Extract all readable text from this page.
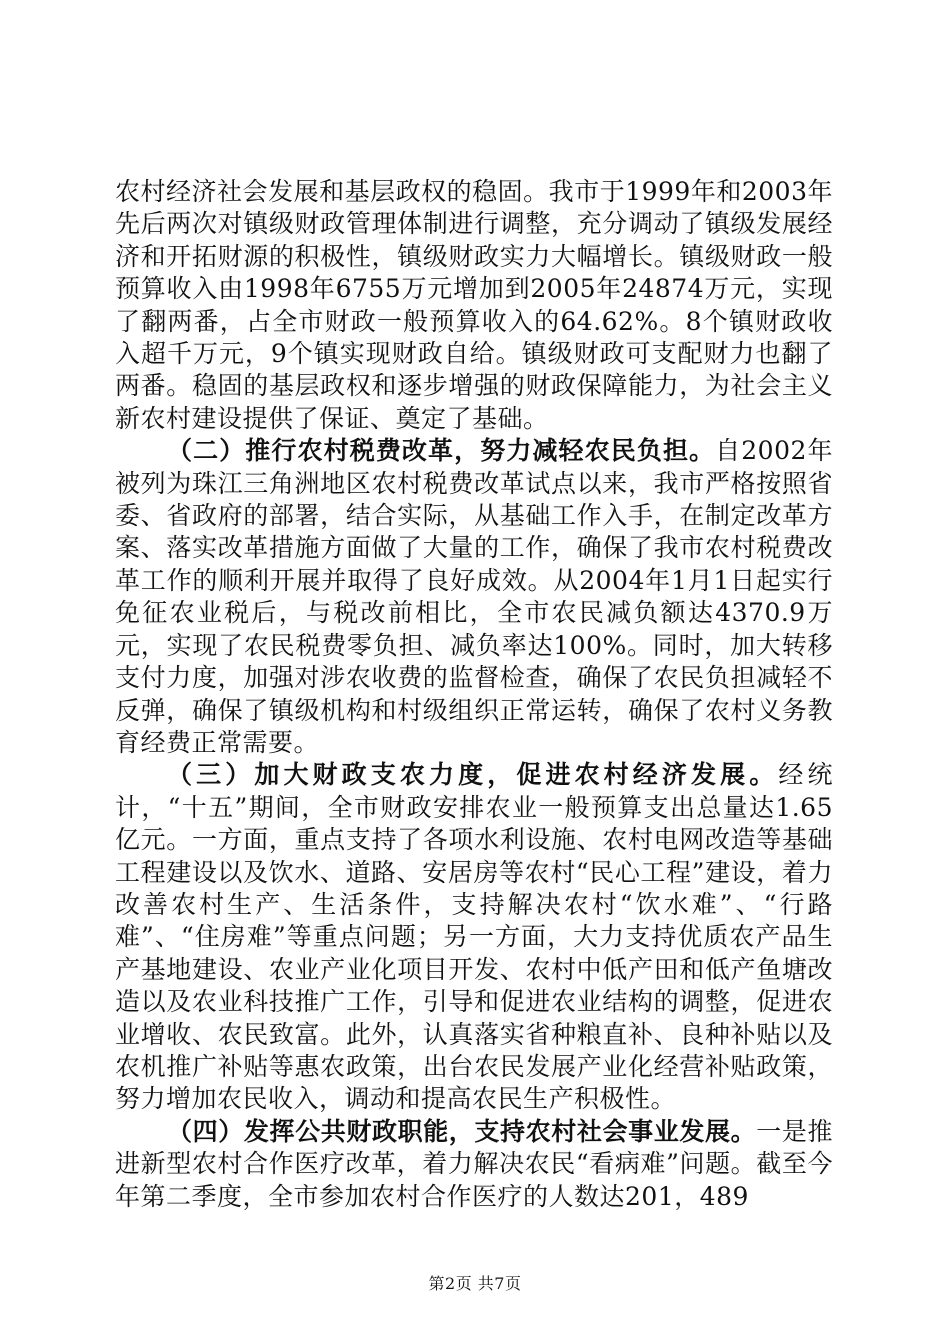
农村经济社会发展和基层政权的稳固。我市于1999年和2003年先后两次对镇级财政管理体制进行调整，充分调动了镇级发展经济和开拓财源的积极性，镇级财政实力大幅增长。镇级财政一般预算收入由1998年6755万元增加到2005年24874万元，实现了翻两番，占全市财政一般预算收入的64.62%。8个镇财政收入超千万元，9个镇实现财政自给。镇级财政可支配财力也翻了两番。稳固的基层政权和逐步增强的财政保障能力，为社会主义新农村建设提供了保证、奠定了基础。

（二）推行农村税费改革，努力减轻农民负担。自2002年被列为珠江三角洲地区农村税费改革试点以来，我市严格按照省委、省政府的部署，结合实际，从基础工作入手，在制定改革方案、落实改革措施方面做了大量的工作，确保了我市农村税费改革工作的顺利开展并取得了良好成效。从2004年1月1日起实行免征农业税后，与税改前相比，全市农民减负额达4370.9万元，实现了农民税费零负担、减负率达100%。同时，加大转移支付力度，加强对涉农收费的监督检查，确保了农民负担减轻不反弹，确保了镇级机构和村级组织正常运转，确保了农村义务教育经费正常需要。

（三）加大财政支农力度，促进农村经济发展。经统计，“十五”期间，全市财政安排农业一般预算支出总量达1.65亿元。一方面，重点支持了各项水利设施、农村电网改造等基础工程建设以及饮水、道路、安居房等农村“民心工程”建设，着力改善农村生产、生活条件，支持解决农村“饮水难”、“行路难”、“住房难”等重点问题；另一方面，大力支持优质农产品生产基地建设、农业产业化项目开发、农村中低产田和低产鱼塘改造以及农业科技推广工作，引导和促进农业结构的调整，促进农业增收、农民致富。此外，认真落实省种粮直补、良种补贴以及农机推广补贴等惠农政策，出台农民发展产业化经营补贴政策，努力增加农民收入，调动和提高农民生产积极性。

（四）发挥公共财政职能，支持农村社会事业发展。一是推进新型农村合作医疗改革，着力解决农民“看病难”问题。截至今年第二季度，全市参加农村合作医疗的人数达201，489

第2页 共7页
